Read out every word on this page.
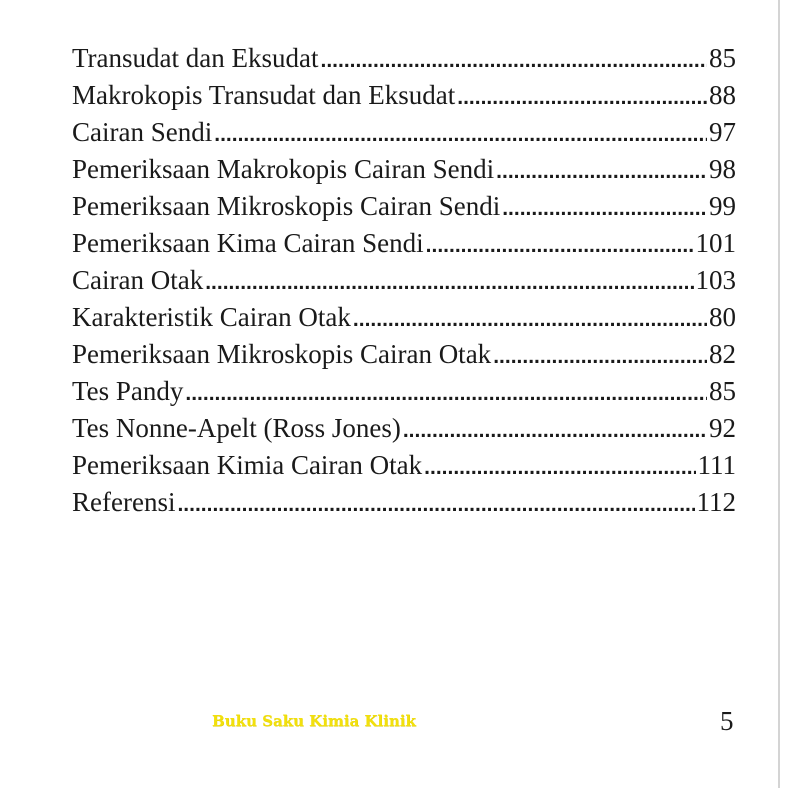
Transudat dan Eksudat .....	85
Makrokopis Transudat dan Eksudat .....	88
Cairan Sendi .....	97
Pemeriksaan Makrokopis Cairan Sendi .....	98
Pemeriksaan Mikroskopis Cairan Sendi .....	99
Pemeriksaan Kima Cairan Sendi .....	101
Cairan Otak .....	103
Karakteristik Cairan Otak .....	80
Pemeriksaan Mikroskopis Cairan Otak .....	82
Tes Pandy .....	85
Tes Nonne-Apelt (Ross Jones) .....	92
Pemeriksaan Kimia Cairan Otak .....	111
Referensi .....	112
Buku Saku Kimia Klinik	5
